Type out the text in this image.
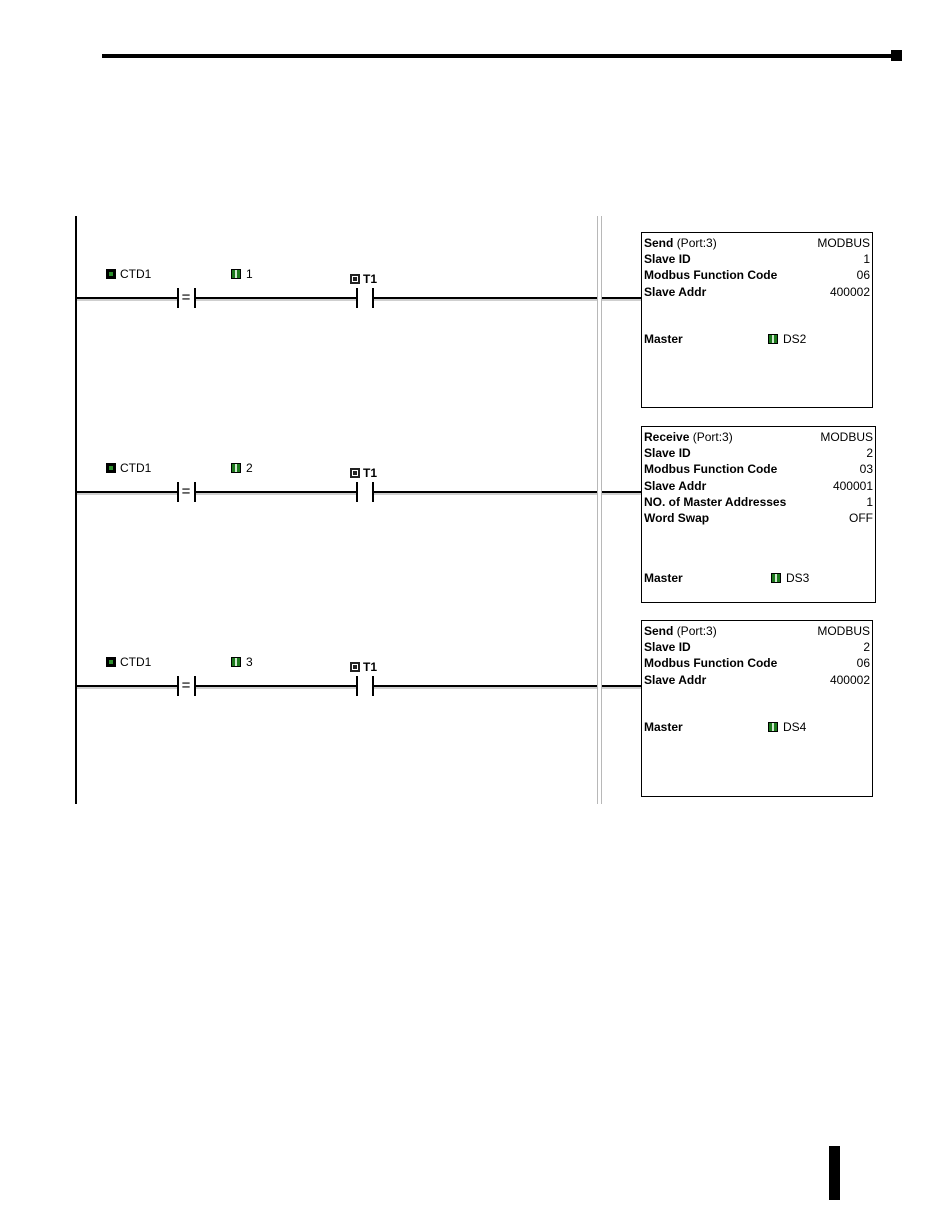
CTD1	1	T1
=
Send (Port:3)	MODBUS
Slave ID	1
Modbus Function Code	06
Slave Addr	400002
Master	DS2
CTD1	2	T1
=
Receive (Port:3)	MODBUS
Slave ID	2
Modbus Function Code	03
Slave Addr	400001
NO. of Master Addresses	1
Word Swap	OFF
Master	DS3
CTD1	3	T1
=
Send (Port:3)	MODBUS
Slave ID	2
Modbus Function Code	06
Slave Addr	400002
Master	DS4
